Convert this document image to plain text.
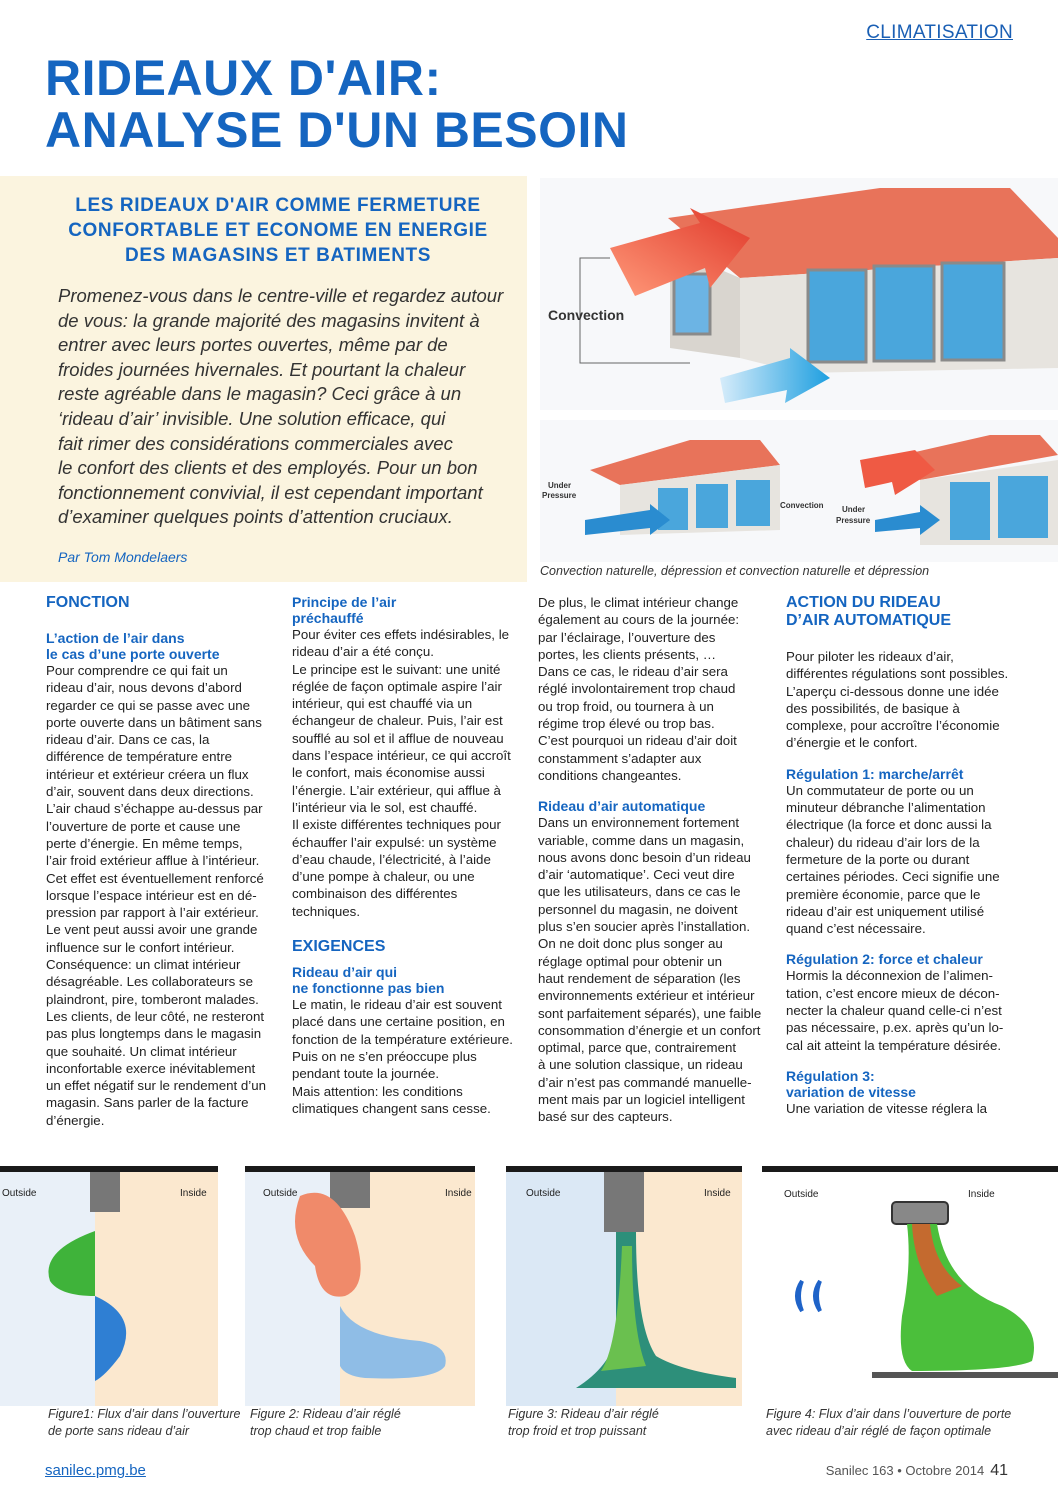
CLIMATISATION
RIDEAUX D'AIR:
ANALYSE D'UN BESOIN
LES RIDEAUX D'AIR COMME FERMETURE
CONFORTABLE ET ECONOME EN ENERGIE
DES MAGASINS ET BATIMENTS
Promenez-vous dans le centre-ville et regardez autour
de vous: la grande majorité des magasins invitent à
entrer avec leurs portes ouvertes, même par de
froides journées hivernales. Et pourtant la chaleur
reste agréable dans le magasin? Ceci grâce à un
‘rideau d’air’ invisible. Une solution efficace, qui
fait rimer des considérations commerciales avec
le confort des clients et des employés. Pour un bon
fonctionnement convivial, il est cependant important
d’examiner quelques points d’attention cruciaux.
Par Tom Mondelaers
Convection
Under
Pressure
Convection Under
Pressure
Convection naturelle, dépression et convection naturelle et dépression
FONCTION
L’action de l’air dans
le cas d’une porte ouverte
Pour comprendre ce qui fait un
rideau d’air, nous devons d’abord
regarder ce qui se passe avec une
porte ouverte dans un bâtiment sans
rideau d’air. Dans ce cas, la
différence de température entre
intérieur et extérieur créera un flux
d’air, souvent dans deux directions.
L’air chaud s’échappe au-dessus par
l’ouverture de porte et cause une
perte d’énergie. En même temps,
l’air froid extérieur afflue à l’intérieur.
Cet effet est éventuellement renforcé
lorsque l’espace intérieur est en dé-
pression par rapport à l’air extérieur.
Le vent peut aussi avoir une grande
influence sur le confort intérieur.
Conséquence: un climat intérieur
désagréable. Les collaborateurs se
plaindront, pire, tomberont malades.
Les clients, de leur côté, ne resteront
pas plus longtemps dans le magasin
que souhaité. Un climat intérieur
inconfortable exerce inévitablement
un effet négatif sur le rendement d’un
magasin. Sans parler de la facture
d’énergie.
Principe de l’air
préchauffé
Pour éviter ces effets indésirables, le
rideau d’air a été conçu.
Le principe est le suivant: une unité
réglée de façon optimale aspire l’air
intérieur, qui est chauffé via un
échangeur de chaleur. Puis, l’air est
soufflé au sol et il afflue de nouveau
dans l’espace intérieur, ce qui accroît
le confort, mais économise aussi
l’énergie. L’air extérieur, qui afflue à
l’intérieur via le sol, est chauffé.
Il existe différentes techniques pour
échauffer l’air expulsé: un système
d’eau chaude, l’électricité, à l’aide
d’une pompe à chaleur, ou une
combinaison des différentes
techniques.
EXIGENCES
Rideau d’air qui
ne fonctionne pas bien
Le matin, le rideau d’air est souvent
placé dans une certaine position, en
fonction de la température extérieure.
Puis on ne s’en préoccupe plus
pendant toute la journée.
Mais attention: les conditions
climatiques changent sans cesse.
De plus, le climat intérieur change
également au cours de la journée:
par l’éclairage, l’ouverture des
portes, les clients présents, …
Dans ce cas, le rideau d’air sera
réglé involontairement trop chaud
ou trop froid, ou tournera à un
régime trop élevé ou trop bas.
C’est pourquoi un rideau d’air doit
constamment s’adapter aux
conditions changeantes.
Rideau d’air automatique
Dans un environnement fortement
variable, comme dans un magasin,
nous avons donc besoin d’un rideau
d’air ‘automatique’. Ceci veut dire
que les utilisateurs, dans ce cas le
personnel du magasin, ne doivent
plus s’en soucier après l’installation.
On ne doit donc plus songer au
réglage optimal pour obtenir un
haut rendement de séparation (les
environnements extérieur et intérieur
sont parfaitement séparés), une faible
consommation d’énergie et un confort
optimal, parce que, contrairement
à une solution classique, un rideau
d’air n’est pas commandé manuelle-
ment mais par un logiciel intelligent
basé sur des capteurs.
ACTION DU RIDEAU
D’AIR AUTOMATIQUE
Pour piloter les rideaux d’air,
différentes régulations sont possibles.
L’aperçu ci-dessous donne une idée
des possibilités, de basique à
complexe, pour accroître l’économie
d’énergie et le confort.
Régulation 1: marche/arrêt
Un commutateur de porte ou un
minuteur débranche l’alimentation
électrique (la force et donc aussi la
chaleur) du rideau d’air lors de la
fermeture de la porte ou durant
certaines périodes. Ceci signifie une
première économie, parce que le
rideau d’air est uniquement utilisé
quand c’est nécessaire.
Régulation 2: force et chaleur
Hormis la déconnexion de l’alimen-
tation, c’est encore mieux de décon-
necter la chaleur quand celle-ci n’est
pas nécessaire, p.ex. après qu’un lo-
cal ait atteint la température désirée.
Régulation 3:
variation de vitesse
Une variation de vitesse réglera la
Outside	Inside	Outside	Inside	Outside	Inside	Outside	Inside
Figure1: Flux d’air dans l’ouverture
de porte sans rideau d’air
Figure 2: Rideau d’air réglé
trop chaud et trop faible
Figure 3: Rideau d’air réglé
trop froid et trop puissant
Figure 4: Flux d’air dans l’ouverture de porte
avec rideau d’air réglé de façon optimale
sanilec.pmg.be	Sanilec 163 • Octobre 2014 41
